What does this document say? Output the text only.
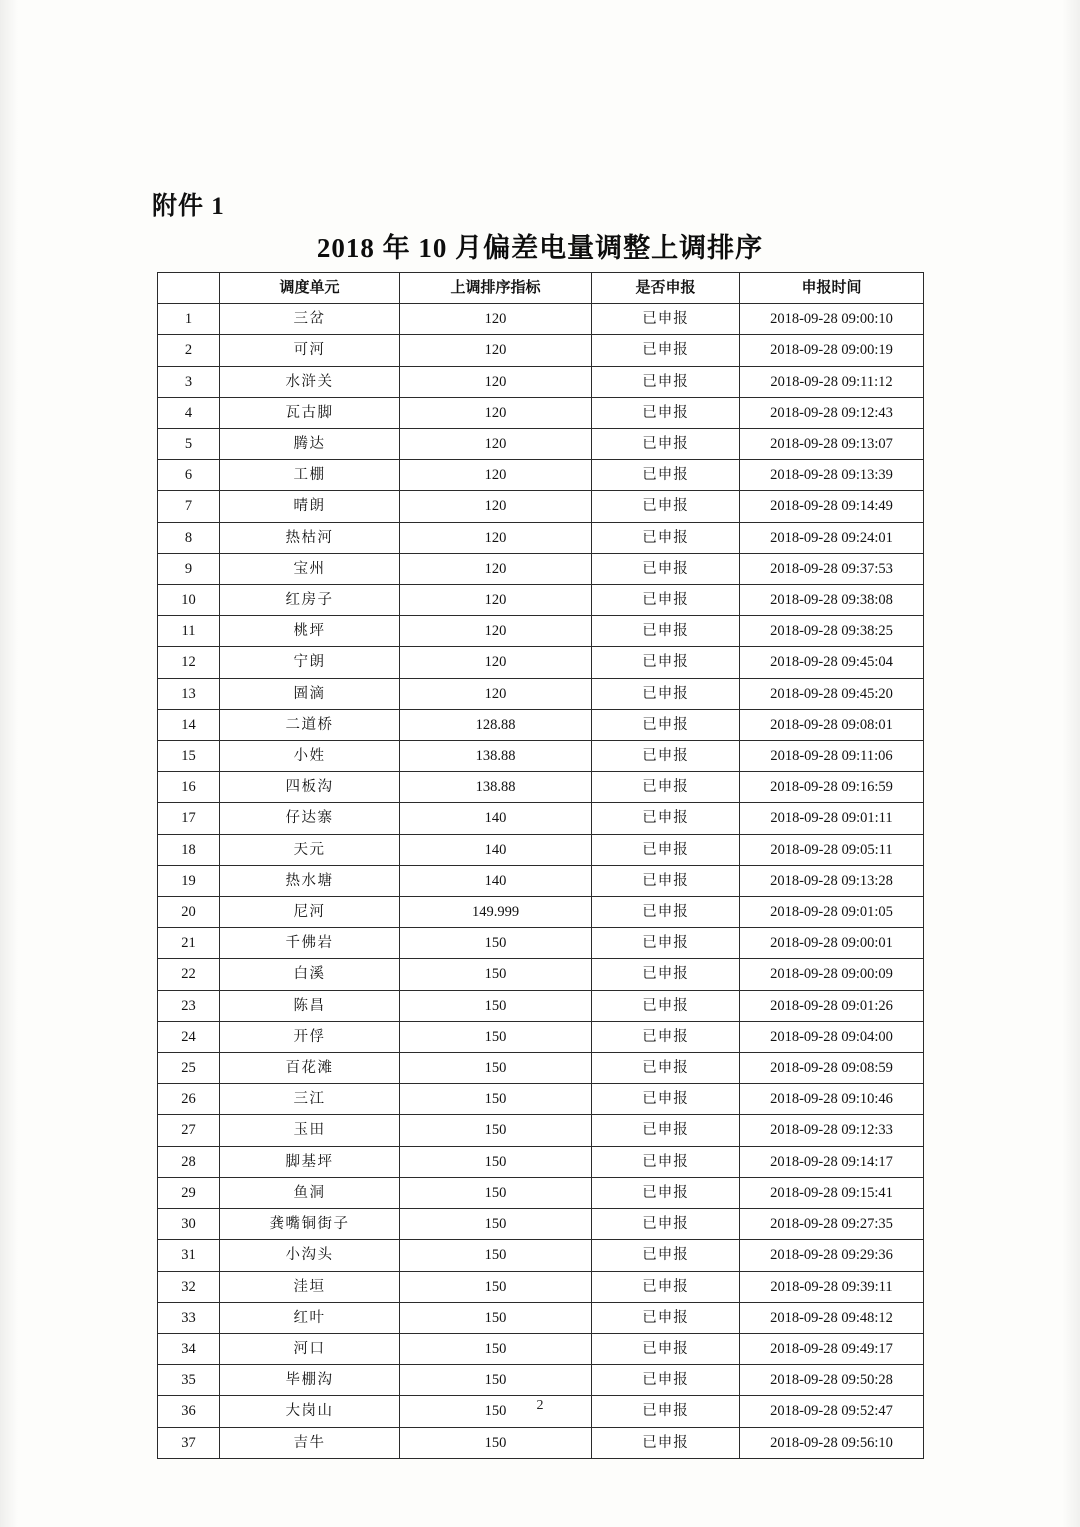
附件 1
2018 年 10 月偏差电量调整上调排序
	调度单元	上调排序指标	是否申报	申报时间
1	三岔	120	已申报	2018-09-28 09:00:10
2	可河	120	已申报	2018-09-28 09:00:19
3	水浒关	120	已申报	2018-09-28 09:11:12
4	瓦古脚	120	已申报	2018-09-28 09:12:43
5	腾达	120	已申报	2018-09-28 09:13:07
6	工棚	120	已申报	2018-09-28 09:13:39
7	晴朗	120	已申报	2018-09-28 09:14:49
8	热枯河	120	已申报	2018-09-28 09:24:01
9	宝州	120	已申报	2018-09-28 09:37:53
10	红房子	120	已申报	2018-09-28 09:38:08
11	桃坪	120	已申报	2018-09-28 09:38:25
12	宁朗	120	已申报	2018-09-28 09:45:04
13	圄滴	120	已申报	2018-09-28 09:45:20
14	二道桥	128.88	已申报	2018-09-28 09:08:01
15	小姓	138.88	已申报	2018-09-28 09:11:06
16	四板沟	138.88	已申报	2018-09-28 09:16:59
17	仔达寨	140	已申报	2018-09-28 09:01:11
18	天元	140	已申报	2018-09-28 09:05:11
19	热水塘	140	已申报	2018-09-28 09:13:28
20	尼河	149.999	已申报	2018-09-28 09:01:05
21	千佛岩	150	已申报	2018-09-28 09:00:01
22	白溪	150	已申报	2018-09-28 09:00:09
23	陈昌	150	已申报	2018-09-28 09:01:26
24	开俘	150	已申报	2018-09-28 09:04:00
25	百花滩	150	已申报	2018-09-28 09:08:59
26	三江	150	已申报	2018-09-28 09:10:46
27	玉田	150	已申报	2018-09-28 09:12:33
28	脚基坪	150	已申报	2018-09-28 09:14:17
29	鱼洞	150	已申报	2018-09-28 09:15:41
30	龚嘴铜街子	150	已申报	2018-09-28 09:27:35
31	小沟头	150	已申报	2018-09-28 09:29:36
32	洼垣	150	已申报	2018-09-28 09:39:11
33	红叶	150	已申报	2018-09-28 09:48:12
34	河口	150	已申报	2018-09-28 09:49:17
35	毕棚沟	150	已申报	2018-09-28 09:50:28
36	大岗山	150	已申报	2018-09-28 09:52:47
37	吉牛	150	已申报	2018-09-28 09:56:10
2
